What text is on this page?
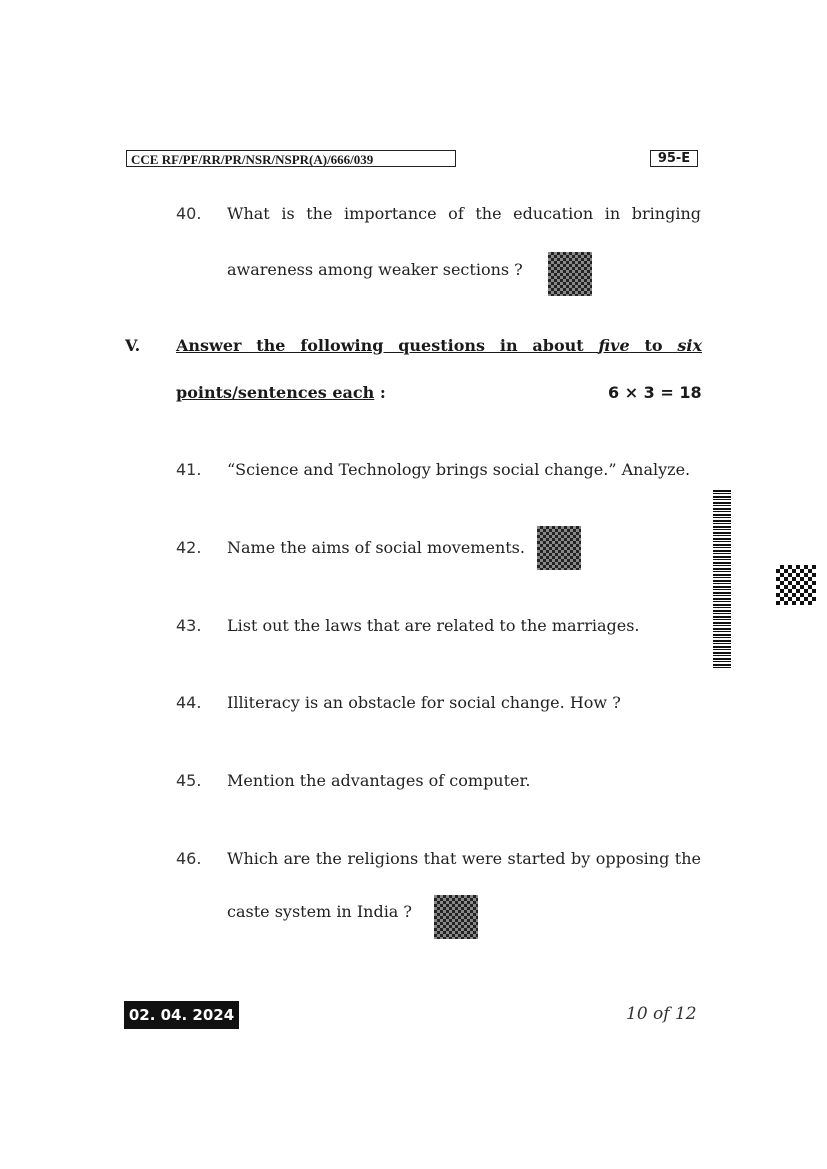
CCE RF/PF/RR/PR/NSR/NSPR(A)/666/039	95-E
40. What is the importance of the education in bringing
awareness among weaker sections ?
V. Answer the following questions in about five to six
points/sentences each :	6 × 3 = 18
41. “Science and Technology brings social change.” Analyze.
42. Name the aims of social movements.
43. List out the laws that are related to the marriages.
44. Illiteracy is an obstacle for social change. How ?
45. Mention the advantages of computer.
46. Which are the religions that were started by opposing the
caste system in India ?
02. 04. 2024	10 of 12
